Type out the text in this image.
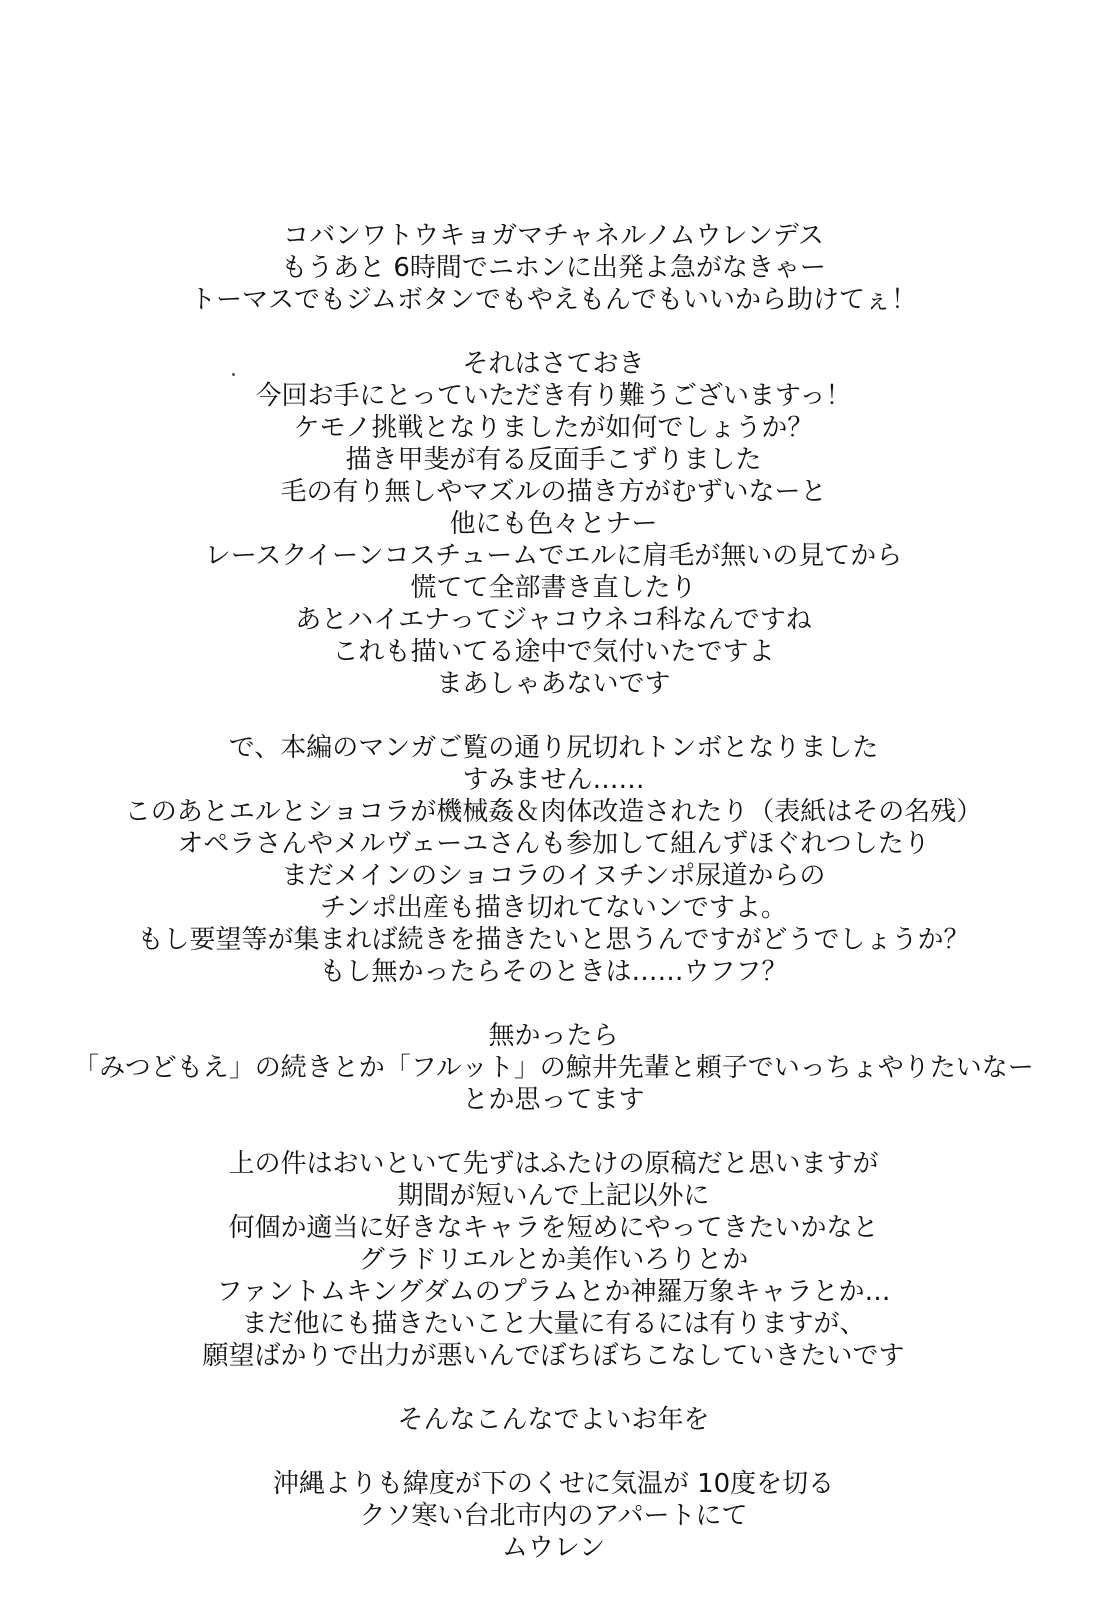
コバンワトウキョガマチャネルノムウレンデス
もうあと 6時間でニホンに出発よ急がなきゃー
トーマスでもジムボタンでもやえもんでもいいから助けてぇ！
それはさておき
今回お手にとっていただき有り難うございますっ！
ケモノ挑戦となりましたが如何でしょうか？
描き甲斐が有る反面手こずりました
毛の有り無しやマズルの描き方がむずいなーと
他にも色々とナー
レースクイーンコスチュームでエルに肩毛が無いの見てから
慌てて全部書き直したり
あとハイエナってジャコウネコ科なんですね
これも描いてる途中で気付いたですよ
まあしゃあないです
で、本編のマンガご覧の通り尻切れトンボとなりました
すみません……
このあとエルとショコラが機械姦＆肉体改造されたり（表紙はその名残）
オペラさんやメルヴェーユさんも参加して組んずほぐれつしたり
まだメインのショコラのイヌチンポ尿道からの
チンポ出産も描き切れてないンですよ。
もし要望等が集まれば続きを描きたいと思うんですがどうでしょうか？
もし無かったらそのときは……ウフフ？
無かったら
「みつどもえ」の続きとか「フルット」の鯨井先輩と頼子でいっちょやりたいなー
とか思ってます
上の件はおいといて先ずはふたけの原稿だと思いますが
期間が短いんで上記以外に
何個か適当に好きなキャラを短めにやってきたいかなと
グラドリエルとか美作いろりとか
ファントムキングダムのプラムとか神羅万象キャラとか…
まだ他にも描きたいこと大量に有るには有りますが、
願望ばかりで出力が悪いんでぼちぼちこなしていきたいです
そんなこんなでよいお年を
沖縄よりも緯度が下のくせに気温が 10度を切る
クソ寒い台北市内のアパートにて
ムウレン
